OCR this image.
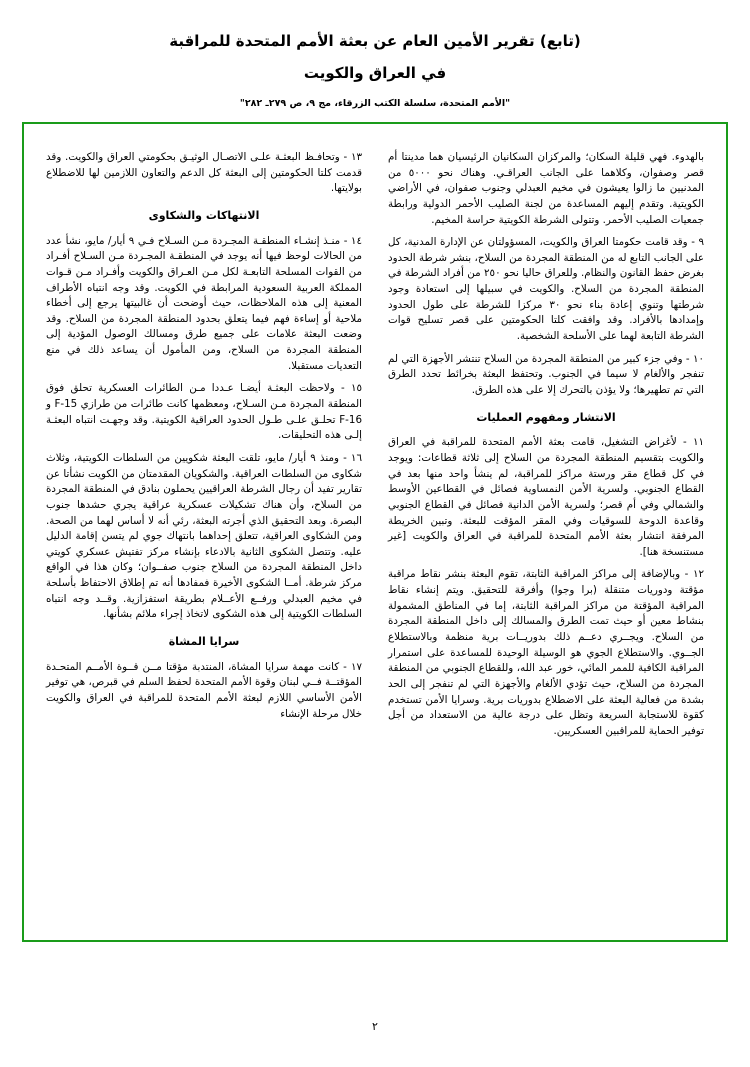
(تابع) تقرير الأمين العام عن بعثة الأمم المتحدة للمراقبة
في العراق والكويت
"الأمم المتحدة، سلسلة الكتب الزرقاء، مج ٩، ص ٢٧٩ـ ٢٨٢"

بالهدوء. فهي قليلة السكان؛ والمركزان السكانيان الرئيسيان هما مدينتا أم قصر وصفوان، وكلاهما على الجانب العراقـي. وهناك نحو ٥٠٠٠ من المدنيين ما زالوا يعيشون في مخيم العبدلي وجنوب صفوان، في الأراضي الكويتية. وتقدم إليهم المساعدة من لجنة الصليب الأحمر الدولية ورابطة جمعيات الصليب الأحمر. وتتولى الشرطة الكويتية حراسة المخيم.

٩ - وقد قامت حكومتا العراق والكويت، المسؤولتان عن الإدارة المدنية، كل على الجانب التابع له من المنطقة المجردة من السلاح، بنشر شرطة الحدود بغرض حفظ القانون والنظام. وللعراق حاليا نحو ٢٥٠ من أفراد الشرطة في المنطقة المجردة من السلاح. والكويت في سبيلها إلى استعادة وجود شرطتها وتنوي إعادة بناء نحو ٣٠ مركزا للشرطة على طول الحدود وإمدادها بالأفراد. وقد وافقت كلتا الحكومتين على قصر تسليح قوات الشرطة التابعة لهما على الأسلحة الشخصية.

١٠ - وفي جزء كبير من المنطقة المجردة من السلاح تنتشر الأجهزة التي لم تنفجر والألغام لا سيما في الجنوب. وتحتفظ البعثة بخرائط تحدد الطرق التي تم تطهيرها؛ ولا يؤذن بالتحرك إلا على هذه الطرق.

الانتشار ومفهوم العمليات

١١ - لأغراض التشغيل، قامت بعثة الأمم المتحدة للمراقبة في العراق والكويت بتقسيم المنطقة المجردة من السلاح إلى ثلاثة قطاعات: ويوجد في كل قطاع مقر ورستة مراكز للمراقبة، لم ينشأ واحد منها بعد في القطاع الجنوبي. ولسرية الأمن النمساوية فصائل في القطاعين الأوسط والشمالي وفي أم قصر؛ ولسرية الأمن الدانية فصائل في القطاع الجنوبي وقاعدة الدوحة للسوقيات وفي المقر المؤقت للبعثة. وتبين الخريطة المرفقة انتشار بعثة الأمم المتحدة للمراقبة في العراق والكويت [غير مستنسخة هنا].

١٢ - وبالإضافة إلى مراكز المراقبة الثابتة، تقوم البعثة بنشر نقاط مراقبة مؤقتة ودوريات متنقلة (برا وجوا) وأفرقة للتحقيق. ويتم إنشاء نقاط المراقبة المؤقتة من مراكز المراقبة الثابتة، إما في المناطق المشمولة بنشاط معين أو حيث تمت الطرق والمسالك إلى داخل المنطقة المجردة من السلاح. ويجــري دعــم ذلك بدوريــات برية منظمة وبالاستطلاع الجــوي. والاستطلاع الجوي هو الوسيلة الوحيدة للمساعدة على استمرار المراقبة الكافية للممر المائي، خور عبد الله، وللقطاع الجنوبي من المنطقة المجردة من السلاح، حيث تؤدي الألغام والأجهزة التي لم تنفجر إلى الحد بشدة من فعالية البعثة على الاضطلاع بدوريات برية. وسرايا الأمن تستخدم كقوة للاستجابة السريعة وتظل على درجة عالية من الاستعداد من أجل توفير الحماية للمراقبين العسكريين.

١٣ - وتحافـظ البعثـة علـى الاتصـال الوثيـق بحكومتي العراق والكويت. وقد قدمت كلتا الحكومتين إلى البعثة كل الدعم والتعاون اللازمين لها للاضطلاع بولايتها.

الانتهاكات والشكاوى

١٤ - منـذ إنشـاء المنطقـة المجـردة مـن السـلاح فـي ٩ أيار/ مايو، نشأ عدد من الحالات لوحظ فيها أنه يوجد في المنطقـة المجـردة مـن السـلاح أفـراد من القوات المسلحة التابعـة لكل مـن العـراق والكويت وأفـراد مـن قـوات المملكة العربية السعودية المرابطة في الكويت. وقد وجه انتباه الأطراف المعنية إلى هذه الملاحظات، حيث أوضحت أن غالبيتها يرجع إلى أخطاء ملاحية أو إساءة فهم فيما يتعلق بحدود المنطقة المجردة من السلاح. وقد وضعت البعثة علامات على جميع طرق ومسالك الوصول المؤدية إلى المنطقة المجردة من السلاح، ومن المأمول أن يساعد ذلك في منع التعديات مستقبلا.

١٥ - ولاحظت البعثـة أيضـا عـددا مـن الطائرات العسكرية تحلق فوق المنطقة المجردة مـن السـلاح، ومعظمها كانت طائرات من طرازي F-15 و F-16 تحلـق علـى طـول الحدود العراقية الكويتية. وقد وجهـت انتباه البعثـة إلـى هذه التحليقات.

١٦ - ومنذ ٩ أيار/ مايو، تلقت البعثة شكويين من السلطات الكويتية، وثلاث شكاوى من السلطات العراقية. والشكويان المقدمتان من الكويت نشأتا عن تقارير تفيد أن رجال الشرطة العراقيين يحملون بنادق في المنطقة المجردة من السلاح، وأن هناك تشكيلات عسكرية عراقية يجري حشدها جنوب البصرة. وبعد التحقيق الذي أجرته البعثة، رئي أنه لا أساس لهما من الصحة. ومن الشكاوى العراقية، تتعلق إحداهما بانتهاك جوي لم يتسن إقامة الدليل عليه. وتتصل الشكوى الثانية بالادعاء بإنشاء مركز تفتيش عسكري كويتي داخل المنطقة المجردة من السلاح جنوب صفــوان؛ وكان هذا في الواقع مركز شرطة. أمــا الشكوى الأخيرة فمفادها أنه تم إطلاق الاحتفاظ بأسلحة في مخيم العبدلي ورفــع الأعــلام بطريقة استفزازية. وقــد وجه انتباه السلطات الكويتية إلى هذه الشكوى لاتخاذ إجراء ملائم بشأنها.

سرايا المشاة

١٧ - كانت مهمة سرايا المشاة، المنتدبة مؤقتا مــن قــوة الأمــم المتحـدة المؤقتــة فــي لبنان وقوة الأمم المتحدة لحفظ السلم في قبرص، هي توفير الأمن الأساسي اللازم لبعثة الأمم المتحدة للمراقبة في العراق والكويت خلال مرحلة الإنشاء

٢
